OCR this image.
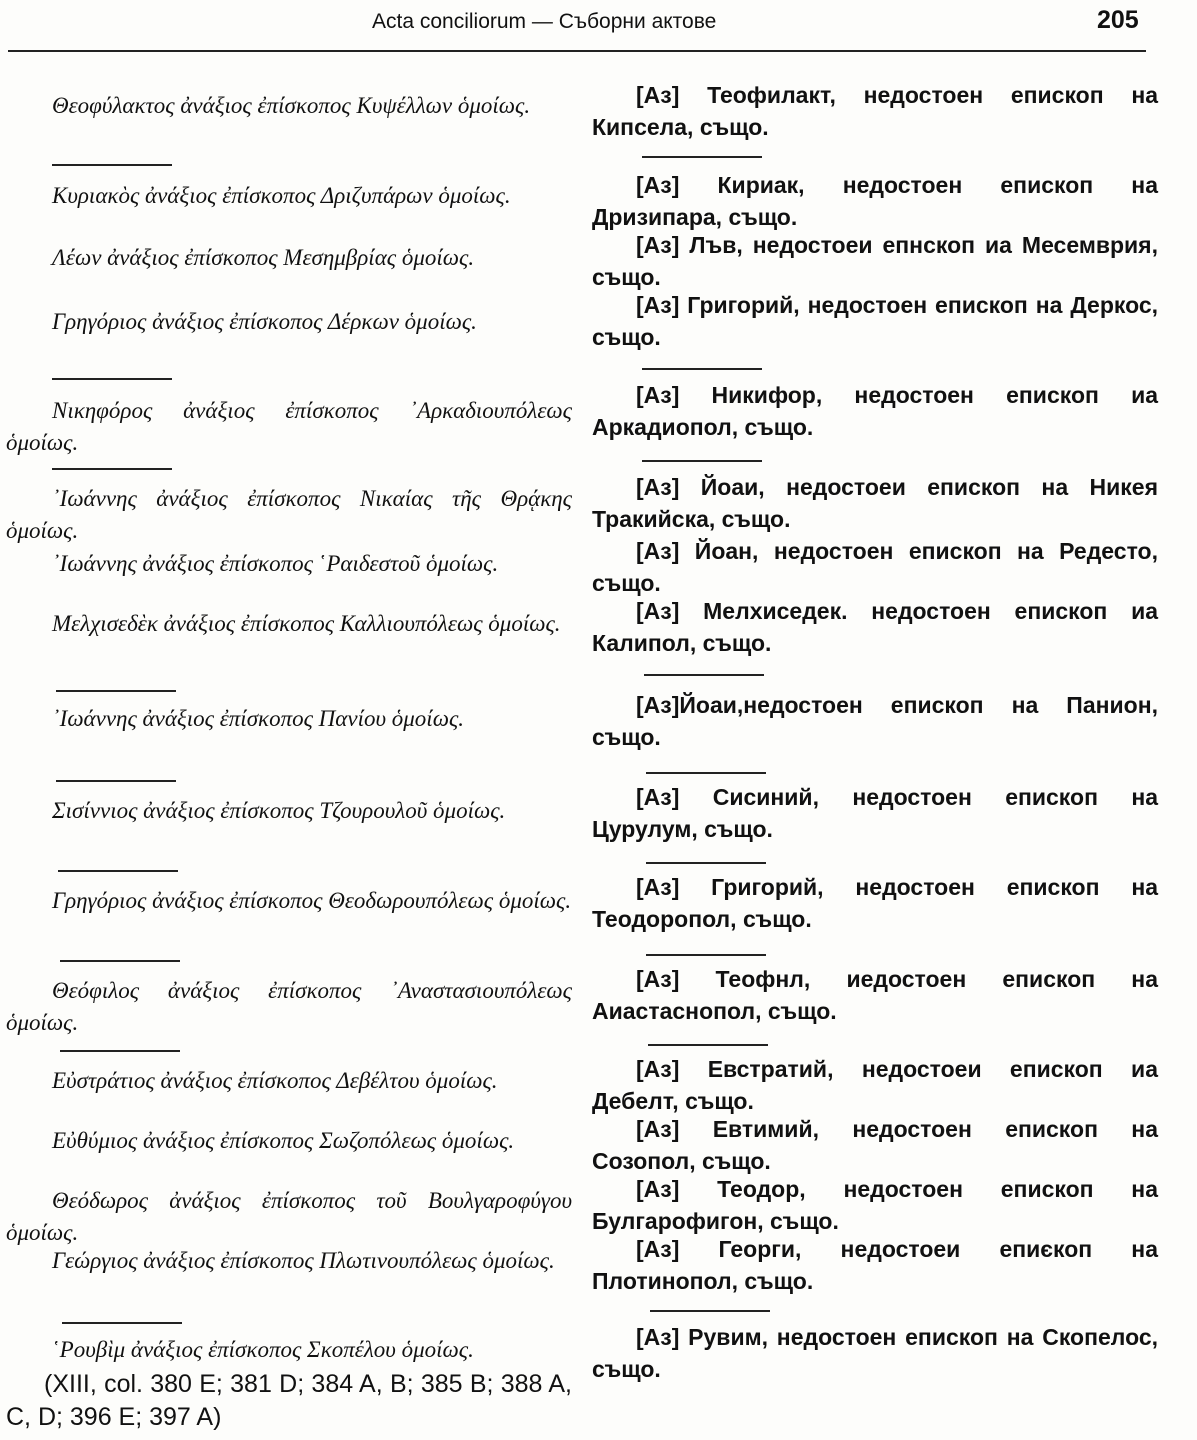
Acta conciliorum — Съборни актове	205

Θεοφύλακτος ἀνάξιος ἐπίσκοπος Κυψέλλων ὁμοίως.

Κυριακὸς ἀνάξιος ἐπίσκοπος Δριζυπάρων ὁμοίως.

Λέων ἀνάξιος ἐπίσκοπος Μεσημβρίας ὁμοίως.

Γρηγόριος ἀνάξιος ἐπίσκοπος Δέρκων ὁμοίως.

Νικηφόρος ἀνάξιος ἐπίσκοπος ᾿Αρκαδιουπόλεως ὁμοίως.

᾿Ιωάννης ἀνάξιος ἐπίσκοπος Νικαίας τῆς Θρᾴκης ὁμοίως.

᾿Ιωάννης ἀνάξιος ἐπίσκοπος ῾Ραιδεστοῦ ὁμοίως.

Μελχισεδὲκ ἀνάξιος ἐπίσκοπος Καλλιουπόλεως ὁμοίως.

᾿Ιωάννης ἀνάξιος ἐπίσκοπος Πανίου ὁμοίως.

Σισίννιος ἀνάξιος ἐπίσκοπος Τζουρουλοῦ ὁμοίως.

Γρηγόριος ἀνάξιος ἐπίσκοπος Θεοδωρουπόλεως ὁμοίως.

Θεόφιλος ἀνάξιος ἐπίσκοπος ᾿Αναστασιουπόλεως ὁμοίως.

Εὐστράτιος ἀνάξιος ἐπίσκοπος Δεβέλτου ὁμοίως.

Εὐθύμιος ἀνάξιος ἐπίσκοπος Σωζοπόλεως ὁμοίως.

Θεόδωρος ἀνάξιος ἐπίσκοπος τοῦ Βουλγαροφύγου ὁμοίως.

Γεώργιος ἀνάξιος ἐπίσκοπος Πλωτινουπόλεως ὁμοίως.

῾Ρουβὶμ ἀνάξιος ἐπίσκοπος Σκοπέλου ὁμοίως.

(XIII, col. 380 E; 381 D; 384 A, B; 385 B; 388 A, C, D; 396 E; 397 A)

[Аз] Теофилакт, недостоен епископ на Кипсела, също.

[Аз] Кириак, недостоен епископ на Дризипара, също.

[Аз] Лъв, недостоеи епнскоп иа Месемврия, също.

[Аз] Григорий, недостоен епископ на Деркос, също.

[Аз] Никифор, недостоен епископ иа Аркадиопол, също.

[Аз] Йоаи, недостоеи епископ на Никея Тракийска, също.

[Аз] Йоан, недостоен епископ на Редесто, също.

[Аз] Мелхиседек. недостоен епископ иа Калипол, също.

[Аз]Йоаи,недостоен епископ на Панион, също.

[Аз] Сисиний, недостоен епископ на Цурулум, също.

[Аз] Григорий, недостоен епископ на Теодоропол, също.

[Аз] Теофнл, иедостоен епископ на Аиастаснопол, също.

[Аз] Евстратий, недостоеи епископ иа Дебелт, също.

[Аз] Евтимий, недостоен епископ на Созопол, също.

[Аз] Теодор, недостоен епископ на Булгарофигон, също.

[Аз] Георги, недостоеи епиєкоп на Плотинопол, също.

[Аз] Рувим, недостоен епископ на Скопелос, също.
